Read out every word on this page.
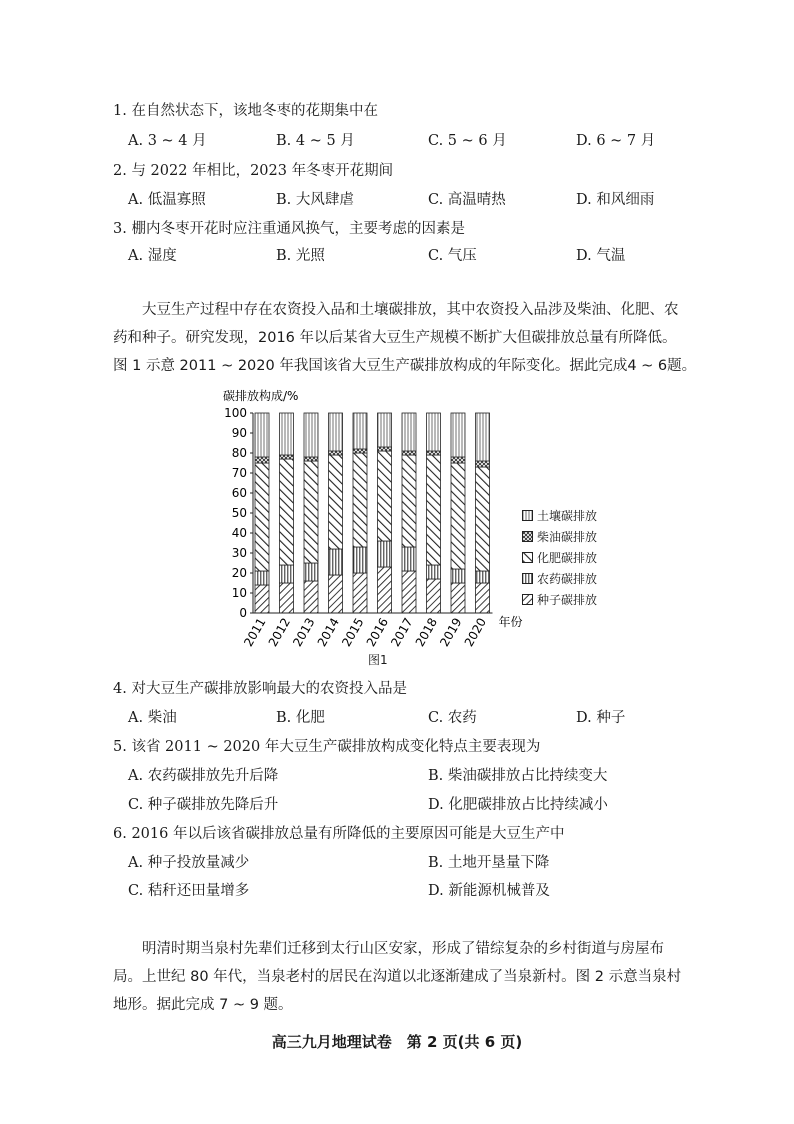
1. 在自然状态下，该地冬枣的花期集中在
A. 3 ~ 4 月	B. 4 ~ 5 月	C. 5 ~ 6 月	D. 6 ~ 7 月
2. 与 2022 年相比，2023 年冬枣开花期间
A. 低温寡照	B. 大风肆虐	C. 高温晴热	D. 和风细雨
3. 棚内冬枣开花时应注重通风换气，主要考虑的因素是
A. 湿度	B. 光照	C. 气压	D. 气温
大豆生产过程中存在农资投入品和土壤碳排放，其中农资投入品涉及柴油、化肥、农
药和种子。研究发现，2016 年以后某省大豆生产规模不断扩大但碳排放总量有所降低。
图 1 示意 2011 ~ 2020 年我国该省大豆生产碳排放构成的年际变化。据此完成4 ~ 6题。
碳排放构成/%
0
10
20
30
40
50
60
70
80
90
100
2011
2012
2013
2014
2015
2016
2017
2018
2019
2020 年份
土壤碳排放
柴油碳排放
化肥碳排放
农药碳排放
种子碳排放
图1
4. 对大豆生产碳排放影响最大的农资投入品是
A. 柴油	B. 化肥	C. 农药	D. 种子
5. 该省 2011 ~ 2020 年大豆生产碳排放构成变化特点主要表现为
A. 农药碳排放先升后降	B. 柴油碳排放占比持续变大
C. 种子碳排放先降后升	D. 化肥碳排放占比持续减小
6. 2016 年以后该省碳排放总量有所降低的主要原因可能是大豆生产中
A. 种子投放量减少	B. 土地开垦量下降
C. 秸秆还田量增多	D. 新能源机械普及
明清时期当泉村先辈们迁移到太行山区安家，形成了错综复杂的乡村街道与房屋布
局。上世纪 80 年代，当泉老村的居民在沟道以北逐渐建成了当泉新村。图 2 示意当泉村
地形。据此完成 7 ~ 9 题。
高三九月地理试卷　第 2 页(共 6 页)
